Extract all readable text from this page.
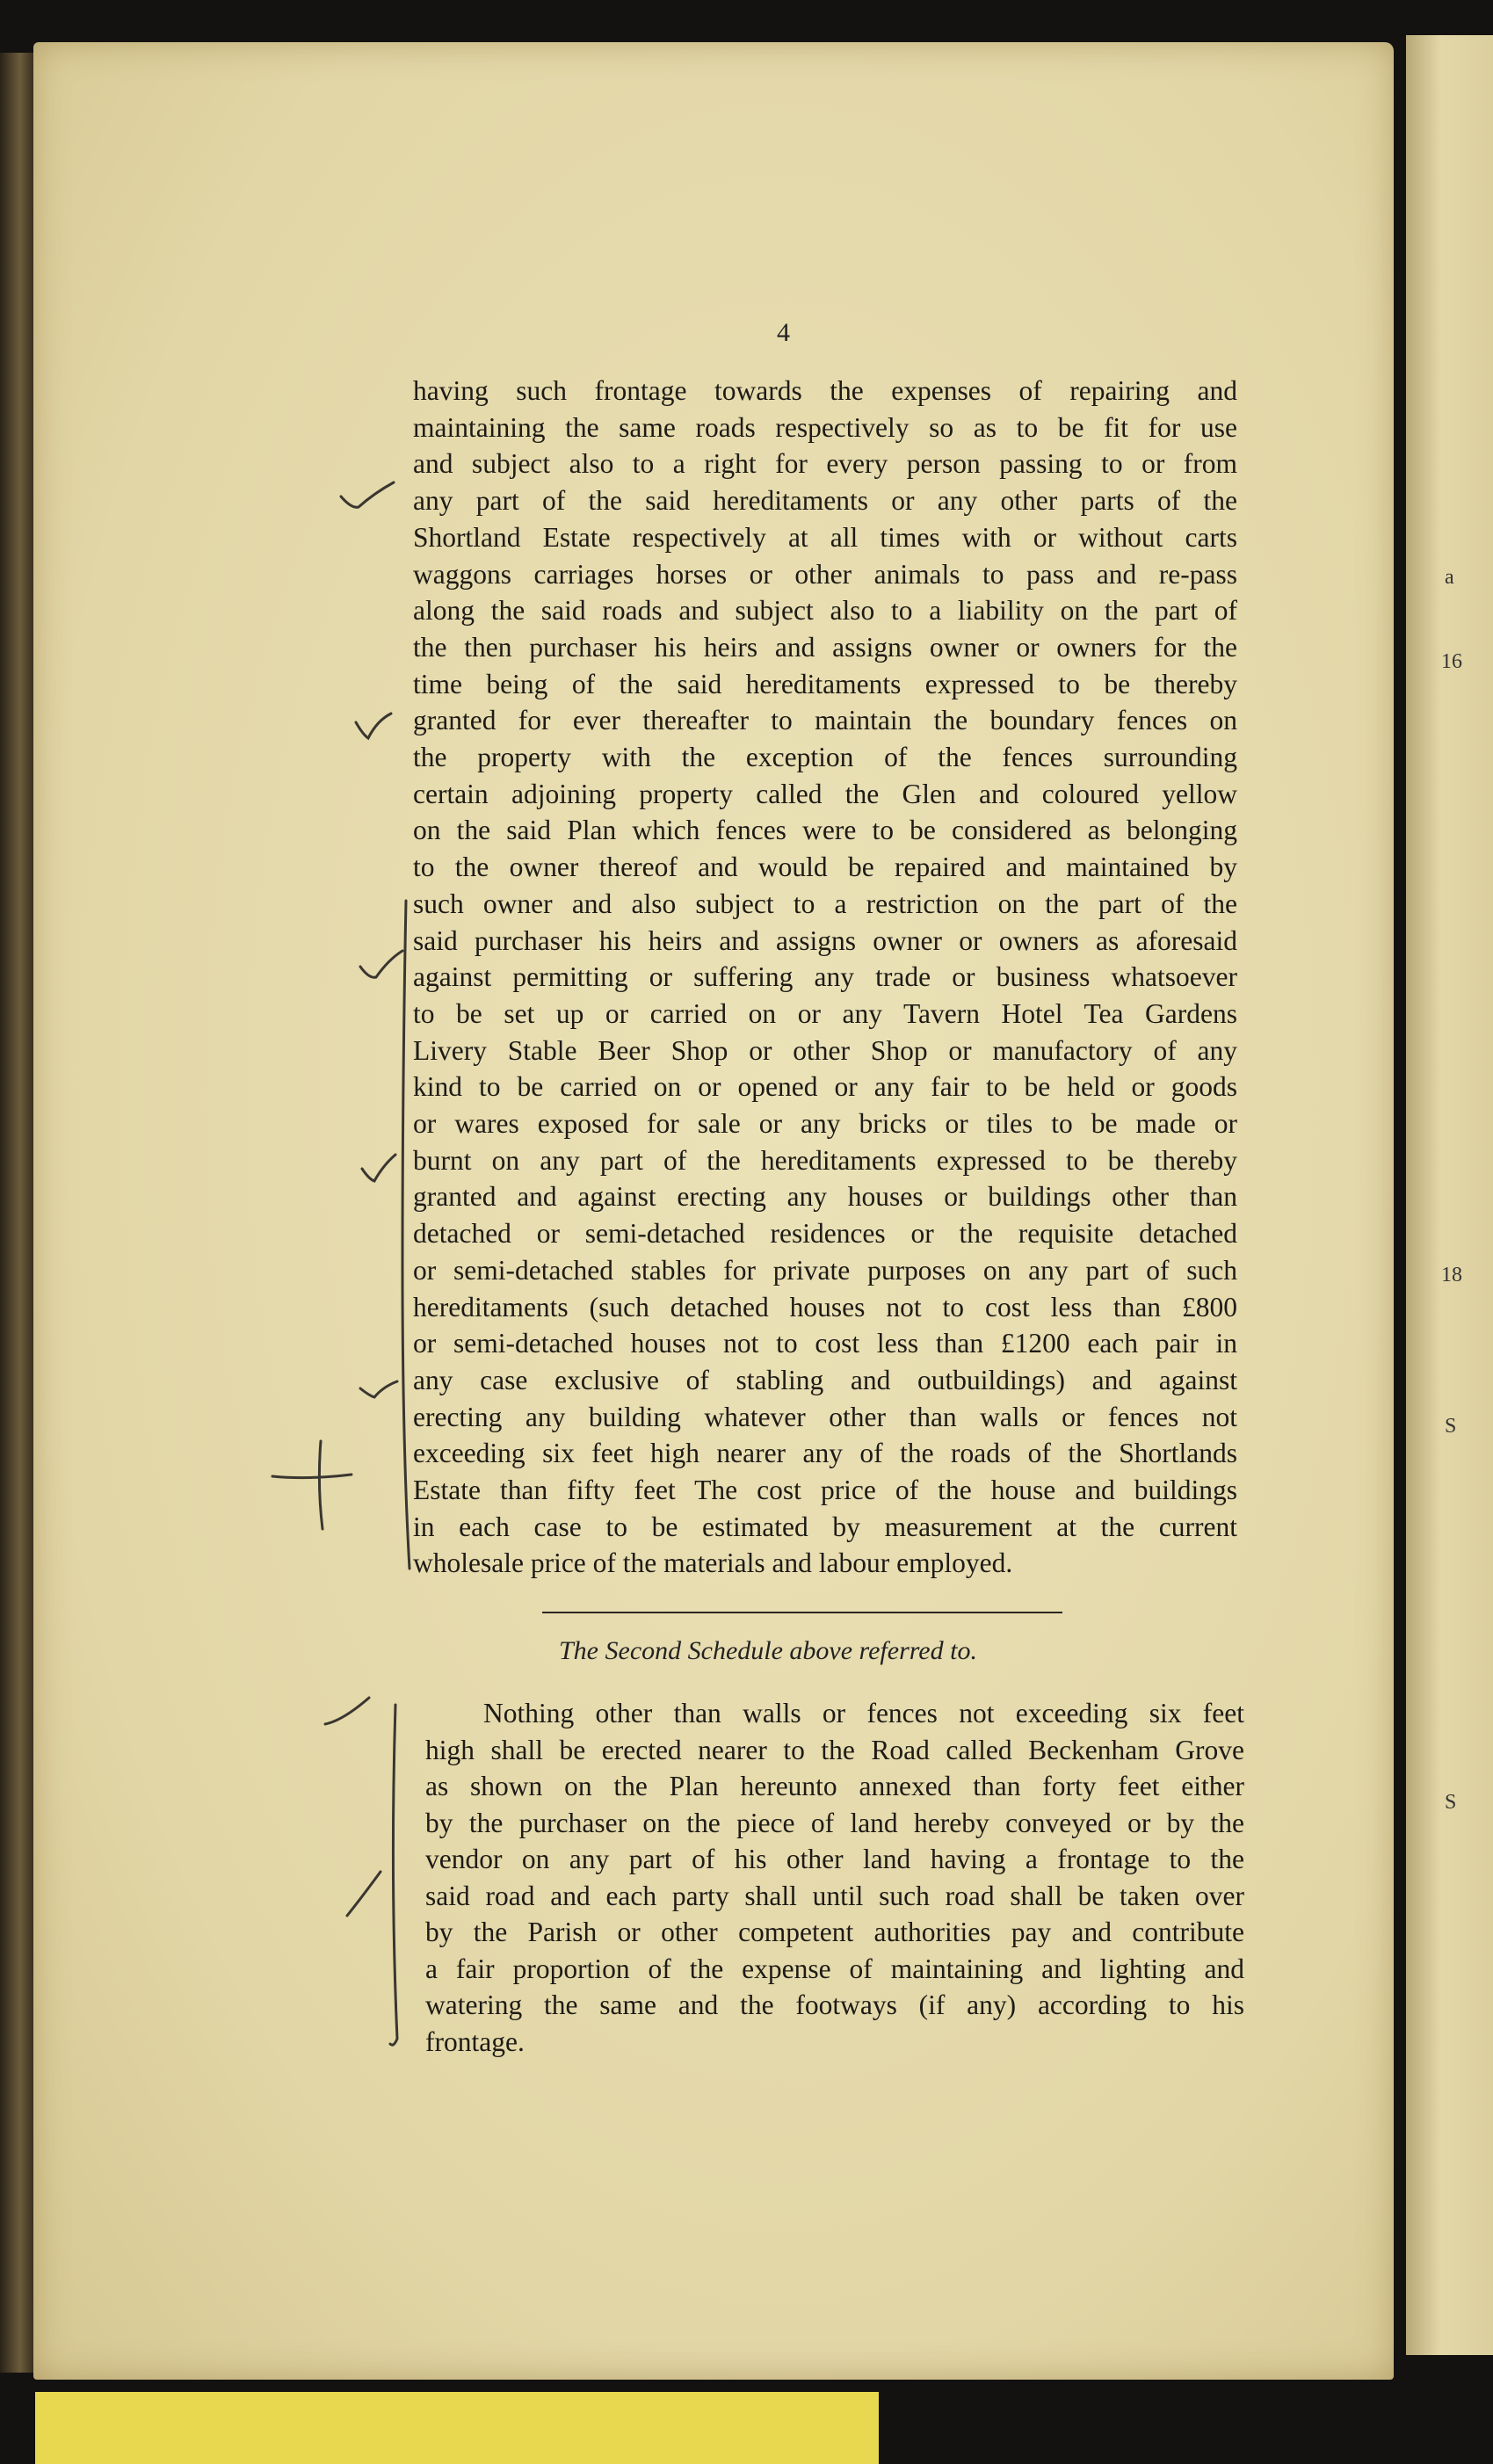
a
16
18
S
S
4
having such frontage towards the expenses of repairing and
maintaining the same roads respectively so as to be fit for use
and subject also to a right for every person passing to or from
any part of the said hereditaments or any other parts of the
Shortland Estate respectively at all times with or without carts
waggons carriages horses or other animals to pass and re-pass
along the said roads and subject also to a liability on the part of
the then purchaser his heirs and assigns owner or owners for the
time being of the said hereditaments expressed to be thereby
granted for ever thereafter to maintain the boundary fences on
the property with the exception of the fences surrounding
certain adjoining property called the Glen and coloured yellow
on the said Plan which fences were to be considered as belonging
to the owner thereof and would be repaired and maintained by
such owner and also subject to a restriction on the part of the
said purchaser his heirs and assigns owner or owners as aforesaid
against permitting or suffering any trade or business whatsoever
to be set up or carried on or any Tavern Hotel Tea Gardens
Livery Stable Beer Shop or other Shop or manufactory of any
kind to be carried on or opened or any fair to be held or goods
or wares exposed for sale or any bricks or tiles to be made or
burnt on any part of the hereditaments expressed to be thereby
granted and against erecting any houses or buildings other than
detached or semi-detached residences or the requisite detached
or semi-detached stables for private purposes on any part of such
hereditaments (such detached houses not to cost less than £800
or semi-detached houses not to cost less than £1200 each pair in
any case exclusive of stabling and outbuildings) and against
erecting any building whatever other than walls or fences not
exceeding six feet high nearer any of the roads of the Shortlands
Estate than fifty feet The cost price of the house and buildings
in each case to be estimated by measurement at the current
wholesale price of the materials and labour employed.
The Second Schedule above referred to.
Nothing other than walls or fences not exceeding six feet
high shall be erected nearer to the Road called Beckenham Grove
as shown on the Plan hereunto annexed than forty feet either
by the purchaser on the piece of land hereby conveyed or by the
vendor on any part of his other land having a frontage to the
said road and each party shall until such road shall be taken over
by the Parish or other competent authorities pay and contribute
a fair proportion of the expense of maintaining and lighting and
watering the same and the footways (if any) according to his
frontage.
